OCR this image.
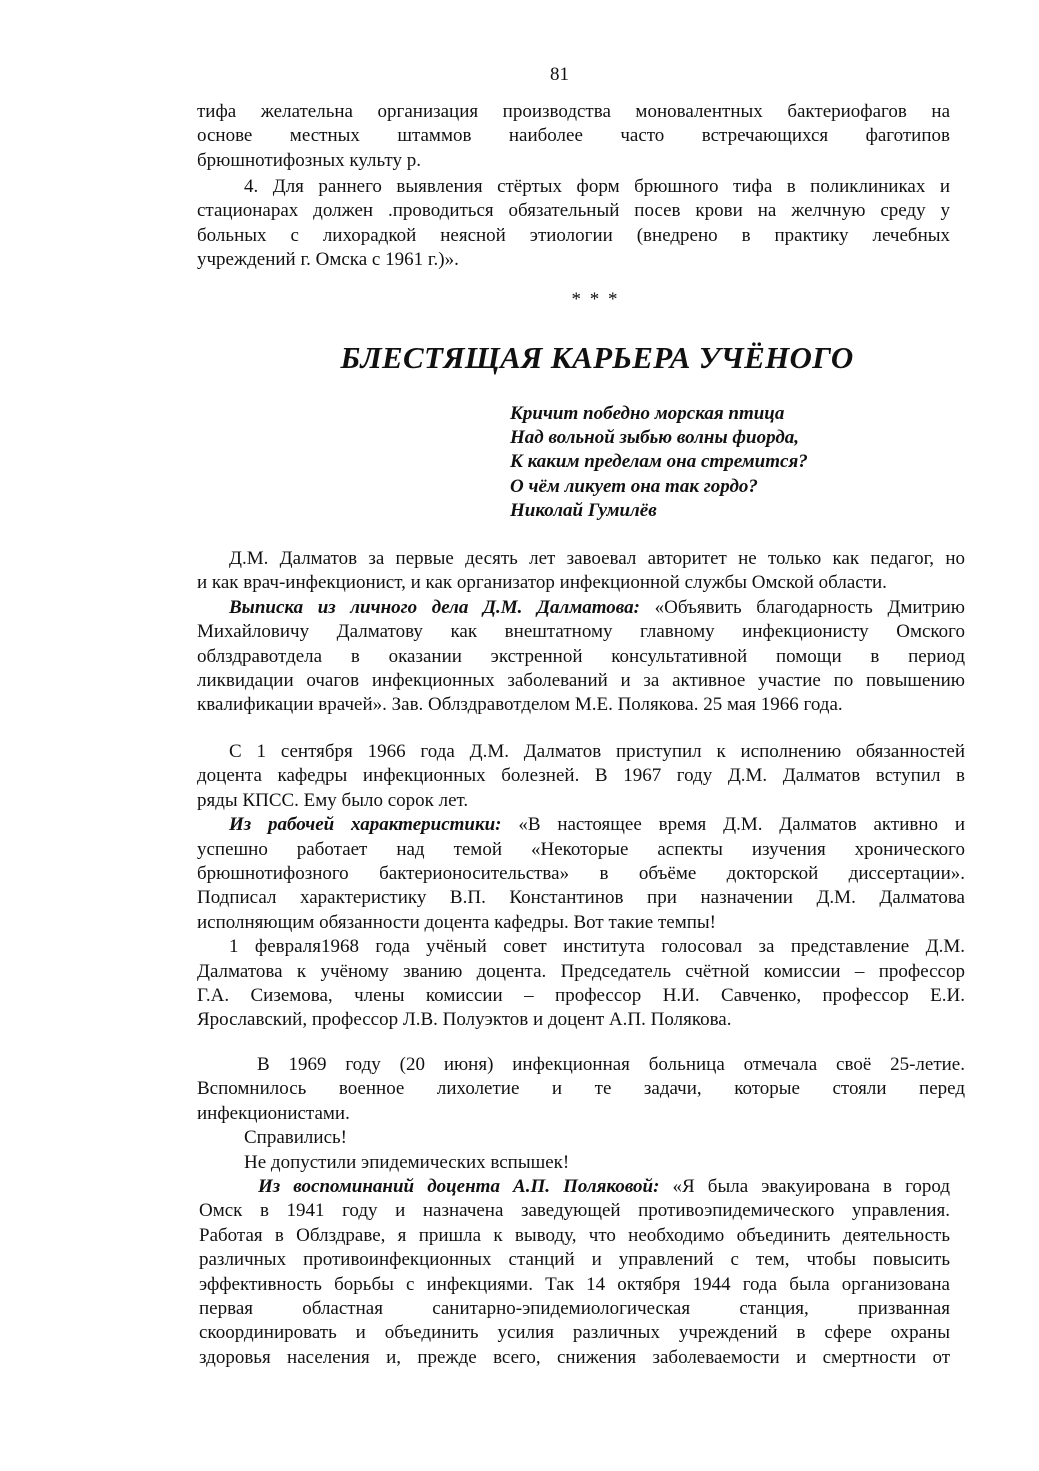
81
тифа желательна организация производства моновалентных бактериофагов на
основе местных штаммов наиболее часто встречающихся фаготипов
брюшнотифозных культу р.
4. Для раннего выявления стёртых форм брюшного тифа в поликлиниках и
стационарах должен .проводиться обязательный посев крови на желчную среду у
больных с лихорадкой неясной этиологии (внедрено в практику лечебных
учреждений г. Омска с 1961 г.)».
* * *
БЛЕСТЯЩАЯ КАРЬЕРА УЧЁНОГО
Кричит победно морская птица
Над вольной зыбью волны фиорда,
К каким пределам она стремится?
О чём ликует она так гордо?
Николай Гумилёв
Д.М. Далматов за первые десять лет завоевал авторитет не только как педагог, но
и как врач-инфекционист, и как организатор инфекционной службы Омской области.
Выписка из личного дела Д.М. Далматова: «Объявить благодарность Дмитрию
Михайловичу Далматову как внештатному главному инфекционисту Омского
облздравотдела в оказании экстренной консультативной помощи в период
ликвидации очагов инфекционных заболеваний и за активное участие по повышению
квалификации врачей». Зав. Облздравотделом М.Е. Полякова. 25 мая 1966 года.
С 1 сентября 1966 года Д.М. Далматов приступил к исполнению обязанностей
доцента кафедры инфекционных болезней. В 1967 году Д.М. Далматов вступил в
ряды КПСС. Ему было сорок лет.
Из рабочей характеристики: «В настоящее время Д.М. Далматов активно и
успешно работает над темой «Некоторые аспекты изучения хронического
брюшнотифозного бактерионосительства» в объёме докторской диссертации».
Подписал характеристику В.П. Константинов при назначении Д.М. Далматова
исполняющим обязанности доцента кафедры. Вот такие темпы!
1 февраля1968 года учёный совет института голосовал за представление Д.М.
Далматова к учёному званию доцента. Председатель счётной комиссии – профессор
Г.А. Сиземова, члены комиссии – профессор Н.И. Савченко, профессор Е.И.
Ярославский, профессор Л.В. Полуэктов и доцент А.П. Полякова.
В 1969 году (20 июня) инфекционная больница отмечала своё 25-летие.
Вспомнилось военное лихолетие и те задачи, которые стояли перед
инфекционистами.
Справились!
Не допустили эпидемических вспышек!
Из воспоминаний доцента А.П. Поляковой: «Я была эвакуирована в город
Омск в 1941 году и назначена заведующей противоэпидемического управления.
Работая в Облздраве, я пришла к выводу, что необходимо объединить деятельность
различных противоинфекционных станций и управлений с тем, чтобы повысить
эффективность борьбы с инфекциями. Так 14 октября 1944 года была организована
первая областная санитарно-эпидемиологическая станция, призванная
скоординировать и объединить усилия различных учреждений в сфере охраны
здоровья населения и, прежде всего, снижения заболеваемости и смертности от
